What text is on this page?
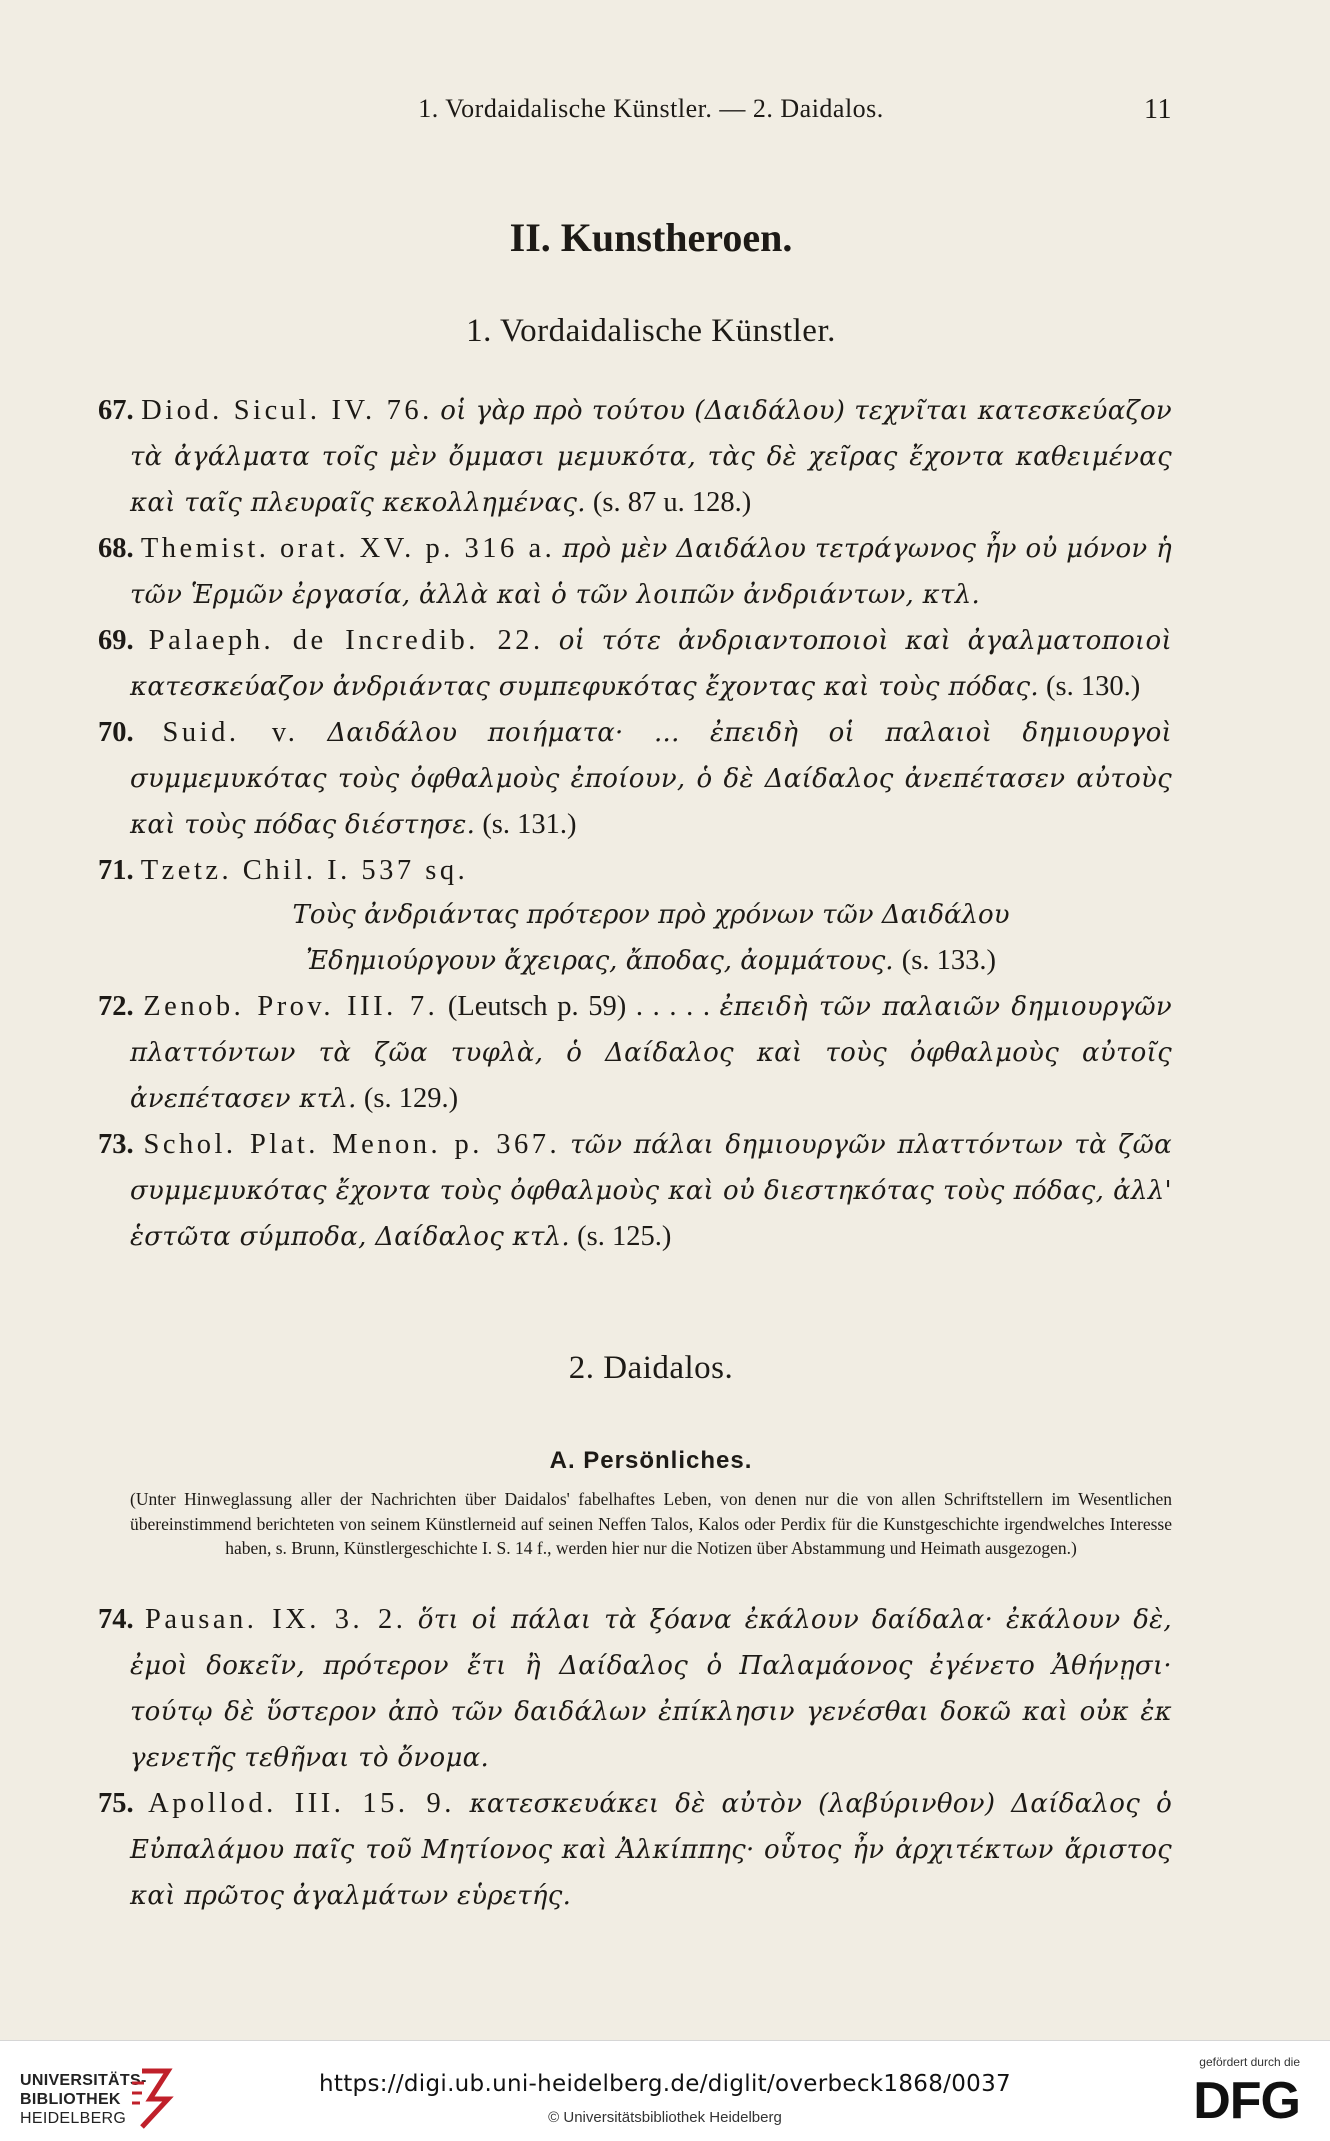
1. Vordaidalische Künstler. — 2. Daidalos.	11
II. Kunstheroen.
1. Vordaidalische Künstler.

67. Diod. Sicul. IV. 76. οἱ γὰρ πρὸ τούτου (Δαιδάλου) τεχνῖται κατεσκεύαζον τὰ ἀγάλματα τοῖς μὲν ὄμμασι μεμυκότα, τὰς δὲ χεῖρας ἔχοντα καθειμένας καὶ ταῖς πλευραῖς κεκολλημένας. (s. 87 u. 128.)

68. Themist. orat. XV. p. 316 a. πρὸ μὲν Δαιδάλου τετράγωνος ἦν οὐ μόνον ἡ τῶν Ἑρμῶν ἐργασία, ἀλλὰ καὶ ὁ τῶν λοιπῶν ἀνδριάντων, κτλ.

69. Palaeph. de Incredib. 22. οἱ τότε ἀνδριαντοποιοὶ καὶ ἀγαλματοποιοὶ κατεσκεύαζον ἀνδριάντας συμπεφυκότας ἔχοντας καὶ τοὺς πόδας. (s. 130.)

70. Suid. v. Δαιδάλου ποιήματα· ... ἐπειδὴ οἱ παλαιοὶ δημιουργοὶ συμμεμυκότας τοὺς ὀφθαλμοὺς ἐποίουν, ὁ δὲ Δαίδαλος ἀνεπέτασεν αὐτοὺς καὶ τοὺς πόδας διέστησε. (s. 131.)

71. Tzetz. Chil. I. 537 sq.

Τοὺς ἀνδριάντας πρότερον πρὸ χρόνων τῶν Δαιδάλου
Ἐδημιούργουν ἄχειρας, ἄποδας, ἀομμάτους. (s. 133.)

72. Zenob. Prov. III. 7. (Leutsch p. 59) . . . . . ἐπειδὴ τῶν παλαιῶν δημιουργῶν πλαττόντων τὰ ζῶα τυφλὰ, ὁ Δαίδαλος καὶ τοὺς ὀφθαλμοὺς αὐτοῖς ἀνεπέτασεν κτλ. (s. 129.)

73. Schol. Plat. Menon. p. 367. τῶν πάλαι δημιουργῶν πλαττόντων τὰ ζῶα συμμεμυκότας ἔχοντα τοὺς ὀφθαλμοὺς καὶ οὐ διεστηκότας τοὺς πόδας, ἀλλ' ἑστῶτα σύμποδα, Δαίδαλος κτλ. (s. 125.)

2. Daidalos.
A. Persönliches.

(Unter Hinweglassung aller der Nachrichten über Daidalos' fabelhaftes Leben, von denen nur die von allen Schriftstellern im Wesentlichen übereinstimmend berichteten von seinem Künstlerneid auf seinen Neffen Talos, Kalos oder Perdix für die Kunstgeschichte irgendwelches Interesse haben, s. Brunn, Künstlergeschichte I. S. 14 f., werden hier nur die Notizen über Abstammung und Heimath ausgezogen.)

74. Pausan. IX. 3. 2. ὅτι οἱ πάλαι τὰ ξόανα ἐκάλουν δαίδαλα· ἐκάλουν δὲ, ἐμοὶ δοκεῖν, πρότερον ἔτι ἢ Δαίδαλος ὁ Παλαμάονος ἐγένετο Ἀθήνῃσι· τούτῳ δὲ ὕστερον ἀπὸ τῶν δαιδάλων ἐπίκλησιν γενέσθαι δοκῶ καὶ οὐκ ἐκ γενετῆς τεθῆναι τὸ ὄνομα.

75. Apollod. III. 15. 9. κατεσκευάκει δὲ αὐτὸν (λαβύρινθον) Δαίδαλος ὁ Εὐπαλάμου παῖς τοῦ Μητίονος καὶ Ἀλκίππης· οὗτος ἦν ἀρχιτέκτων ἄριστος καὶ πρῶτος ἀγαλμάτων εὑρετής.

UNIVERSITÄTS-
BIBLIOTHEK
HEIDELBERG
https://digi.ub.uni-heidelberg.de/diglit/overbeck1868/0037
© Universitätsbibliothek Heidelberg
gefördert durch die
DFG
